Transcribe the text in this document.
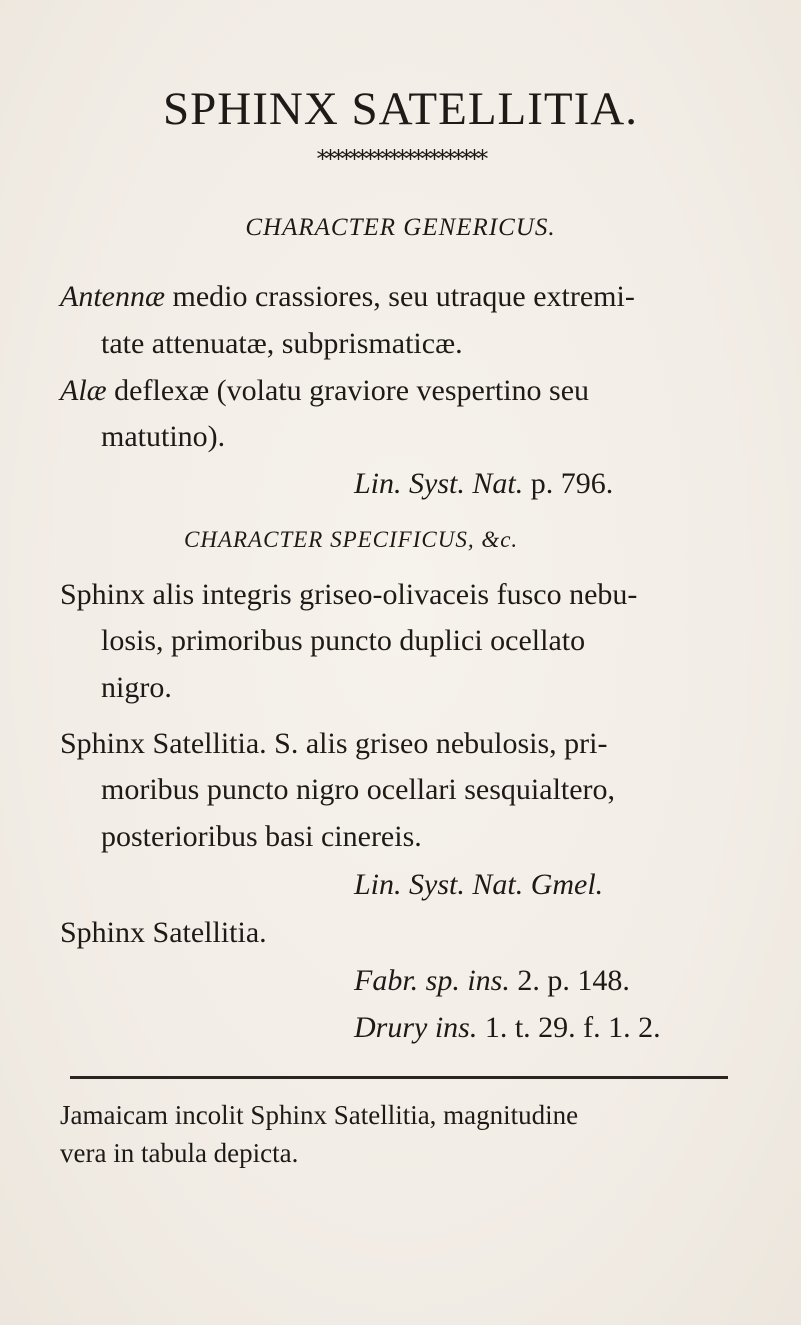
SPHINX SATELLITIA.
*********************
CHARACTER GENERICUS.
Antennæ medio crassiores, seu utraque extremi-
tate attenuatæ, subprismaticæ.
Alæ deflexæ (volatu graviore vespertino seu
matutino).
Lin. Syst. Nat. p. 796.
CHARACTER SPECIFICUS, &c.
Sphinx alis integris griseo-olivaceis fusco nebu-
losis, primoribus puncto duplici ocellato
nigro.
Sphinx Satellitia. S. alis griseo nebulosis, pri-
moribus puncto nigro ocellari sesquialtero,
posterioribus basi cinereis.
Lin. Syst. Nat. Gmel.
Sphinx Satellitia.
Fabr. sp. ins. 2. p. 148.
Drury ins. 1. t. 29. f. 1. 2.
Jamaicam incolit Sphinx Satellitia, magnitudine
vera in tabula depicta.
